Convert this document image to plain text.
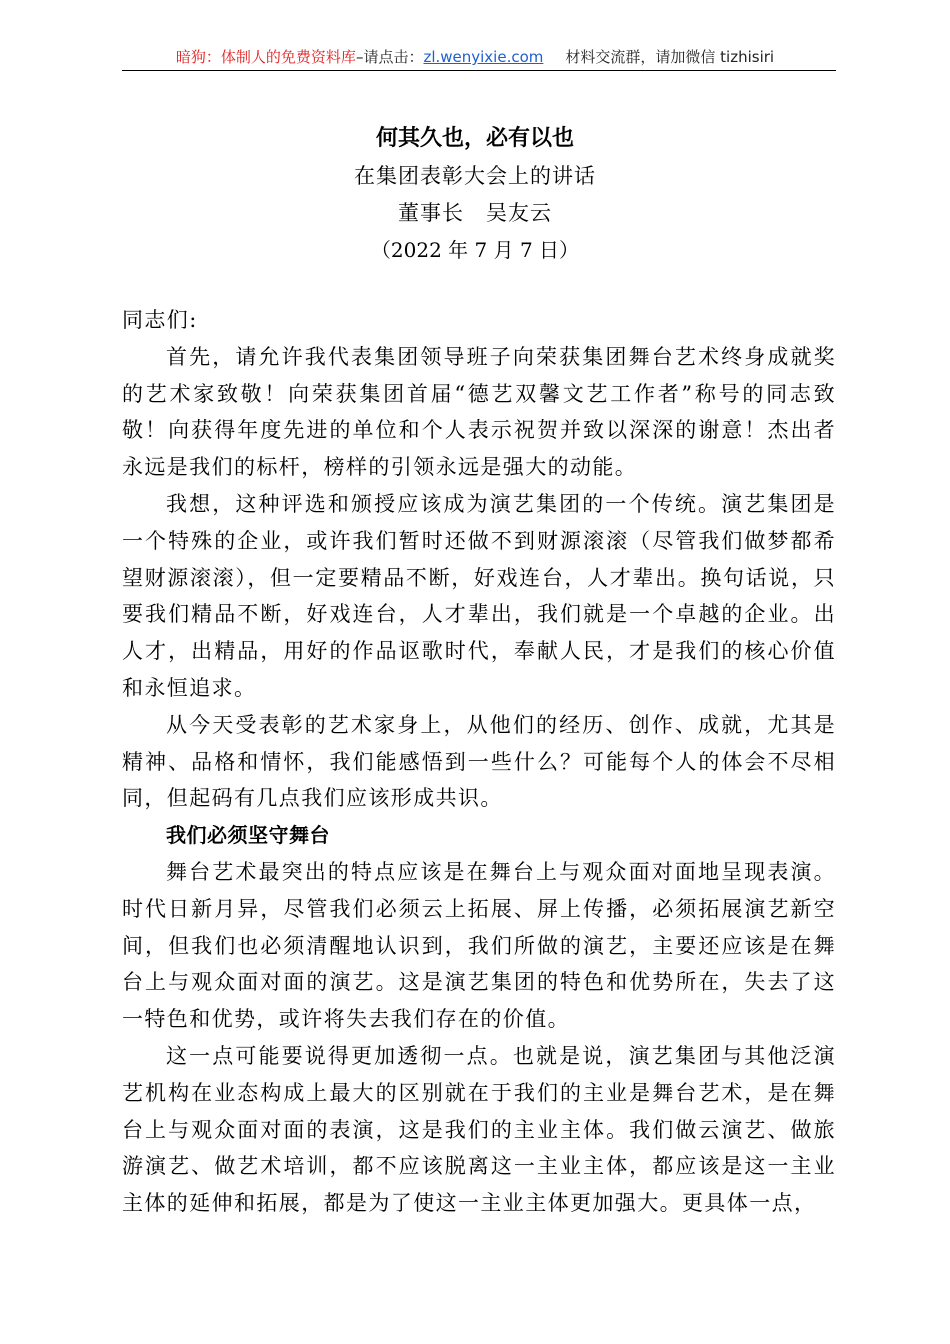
暗狗：体制人的免费资料库–请点击：zl.wenyixie.com 材料交流群，请加微信 tizhisiri
何其久也，必有以也
在集团表彰大会上的讲话
董事长 吴友云
（2022 年 7 月 7 日）

同志们:

首先，请允许我代表集团领导班子向荣获集团舞台艺术终身成就奖的艺术家致敬！向荣获集团首届“德艺双馨文艺工作者”称号的同志致敬！向获得年度先进的单位和个人表示祝贺并致以深深的谢意！杰出者永远是我们的标杆，榜样的引领永远是强大的动能。

我想，这种评选和颁授应该成为演艺集团的一个传统。演艺集团是一个特殊的企业，或许我们暂时还做不到财源滚滚（尽管我们做梦都希望财源滚滚），但一定要精品不断，好戏连台，人才辈出。换句话说，只要我们精品不断，好戏连台，人才辈出，我们就是一个卓越的企业。出人才，出精品，用好的作品讴歌时代，奉献人民，才是我们的核心价值和永恒追求。

从今天受表彰的艺术家身上，从他们的经历、创作、成就，尤其是精神、品格和情怀，我们能感悟到一些什么？可能每个人的体会不尽相同，但起码有几点我们应该形成共识。

我们必须坚守舞台

舞台艺术最突出的特点应该是在舞台上与观众面对面地呈现表演。时代日新月异，尽管我们必须云上拓展、屏上传播，必须拓展演艺新空间，但我们也必须清醒地认识到，我们所做的演艺，主要还应该是在舞台上与观众面对面的演艺。这是演艺集团的特色和优势所在，失去了这一特色和优势，或许将失去我们存在的价值。

这一点可能要说得更加透彻一点。也就是说，演艺集团与其他泛演艺机构在业态构成上最大的区别就在于我们的主业是舞台艺术，是在舞台上与观众面对面的表演，这是我们的主业主体。我们做云演艺、做旅游演艺、做艺术培训，都不应该脱离这一主业主体，都应该是这一主业主体的延伸和拓展，都是为了使这一主业主体更加强大。更具体一点，
